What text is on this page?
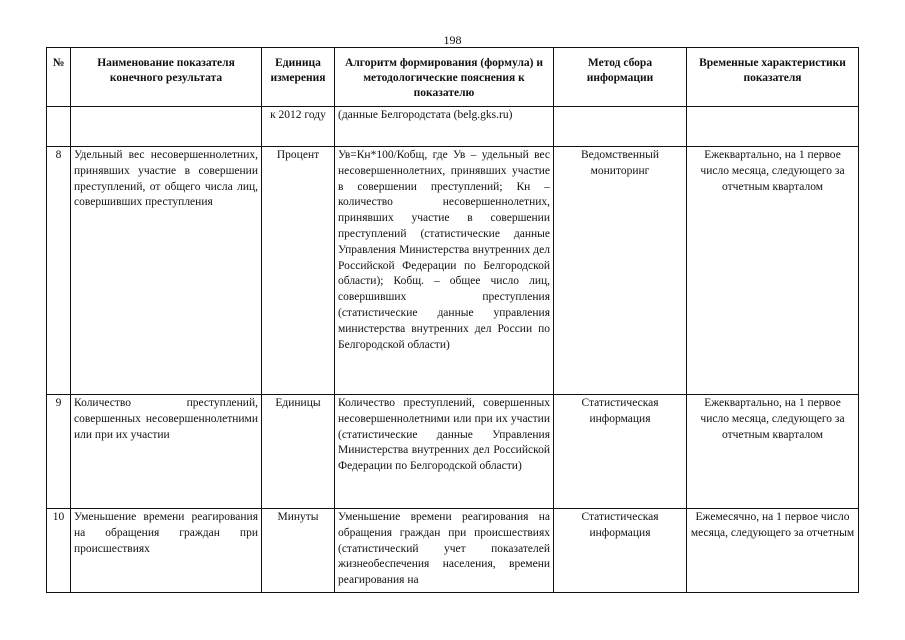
198
№	Наименование показателя конечного результата	Единица измерения	Алгоритм формирования (формула) и методологические пояснения к показателю	Метод сбора информации	Временные характеристики показателя
		к 2012 году	(данные Белгородстата (belg.gks.ru)		
8	Удельный вес несовершеннолетних, принявших участие в совершении преступлений, от общего числа лиц, совершивших преступления	Процент	Ув=Кн*100/Кобщ, где Ув – удельный вес несовершеннолетних, принявших участие в совершении преступлений; Кн – количество несовершеннолетних, принявших участие в совершении преступлений (статистические данные Управления Министерства внутренних дел Российской Федерации по Белгородской области); Кобщ. – общее число лиц, совершивших преступления (статистические данные управления министерства внутренних дел России по Белгородской области)	Ведомственный мониторинг	Ежеквартально, на 1 первое число месяца, следующего за отчетным кварталом
9	Количество преступлений, совершенных несовершеннолетними или при их участии	Единицы	Количество преступлений, совершенных несовершеннолетними или при их участии (статистические данные Управления Министерства внутренних дел Российской Федерации по Белгородской области)	Статистическая информация	Ежеквартально, на 1 первое число месяца, следующего за отчетным кварталом
10	Уменьшение времени реагирования на обращения граждан при происшествиях	Минуты	Уменьшение времени реагирования на обращения граждан при происшествиях (статистический учет показателей жизнеобеспечения населения, времени реагирования на	Статистическая информация	Ежемесячно, на 1 первое число месяца, следующего за отчетным
